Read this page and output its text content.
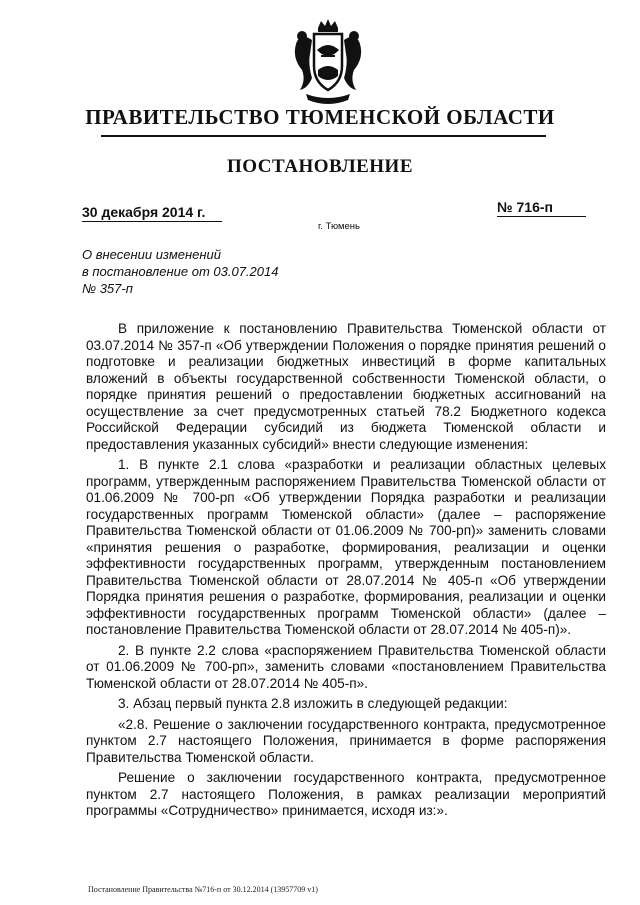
ПРАВИТЕЛЬСТВО ТЮМЕНСКОЙ ОБЛАСТИ
ПОСТАНОВЛЕНИЕ
30 декабря 2014 г.	№ 716-п
г. Тюмень
О внесении изменений
в постановление от 03.07.2014
№ 357-п

В приложение к постановлению Правительства Тюменской области от 03.07.2014 № 357-п «Об утверждении Положения о порядке принятия решений о подготовке и реализации бюджетных инвестиций в форме капитальных вложений в объекты государственной собственности Тюменской области, о порядке принятия решений о предоставлении бюджетных ассигнований на осуществление за счет предусмотренных статьей 78.2 Бюджетного кодекса Российской Федерации субсидий из бюджета Тюменской области и предоставления указанных субсидий» внести следующие изменения:

1. В пункте 2.1 слова «разработки и реализации областных целевых программ, утвержденным распоряжением Правительства Тюменской области от 01.06.2009 № 700-рп «Об утверждении Порядка разработки и реализации государственных программ Тюменской области» (далее – распоряжение Правительства Тюменской области от 01.06.2009 № 700-рп)» заменить словами «принятия решения о разработке, формирования, реализации и оценки эффективности государственных программ, утвержденным постановлением Правительства Тюменской области от 28.07.2014 № 405-п «Об утверждении Порядка принятия решения о разработке, формирования, реализации и оценки эффективности государственных программ Тюменской области» (далее – постановление Правительства Тюменской области от 28.07.2014 № 405-п)».

2. В пункте 2.2 слова «распоряжением Правительства Тюменской области от 01.06.2009 № 700-рп», заменить словами «постановлением Правительства Тюменской области от 28.07.2014 № 405-п».

3. Абзац первый пункта 2.8 изложить в следующей редакции:

«2.8. Решение о заключении государственного контракта, предусмотренное пунктом 2.7 настоящего Положения, принимается в форме распоряжения Правительства Тюменской области.

Решение о заключении государственного контракта, предусмотренное пунктом 2.7 настоящего Положения, в рамках реализации мероприятий программы «Сотрудничество» принимается, исходя из:».

Постановление Правительства №716-п от 30.12.2014 (13957709 v1)
